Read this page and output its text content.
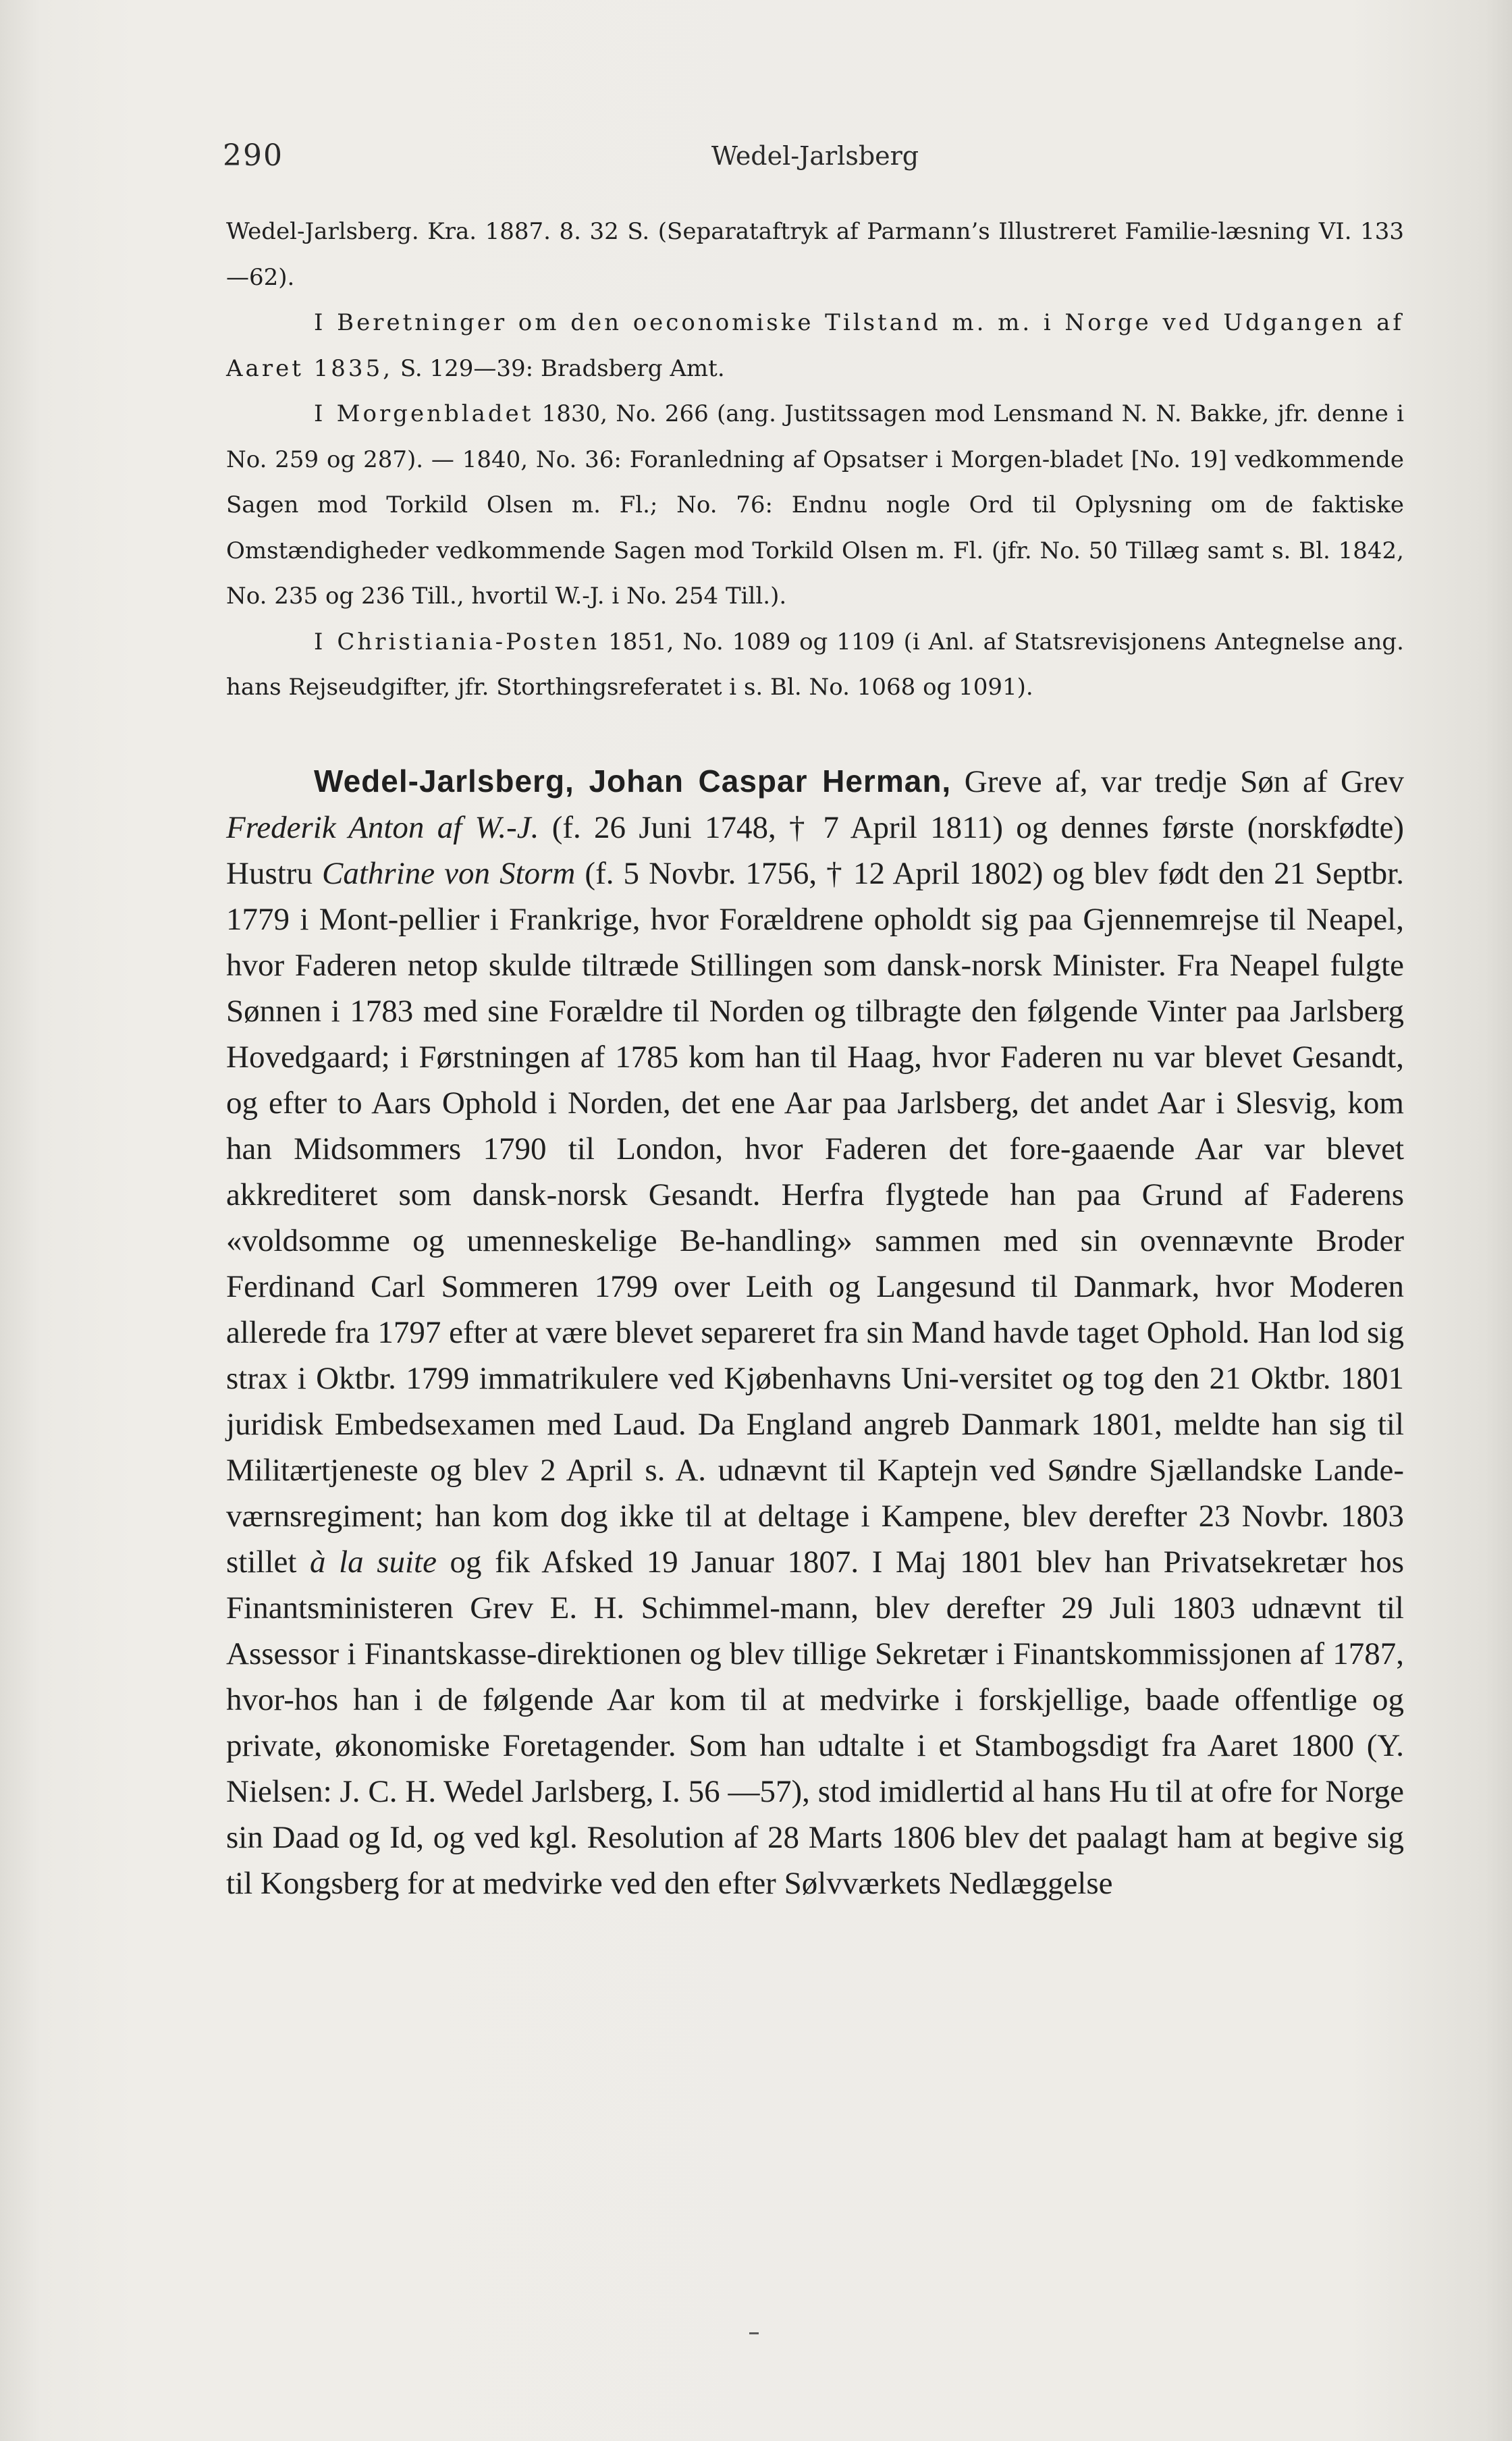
290	Wedel-Jarlsberg

Wedel-Jarlsberg. Kra. 1887. 8. 32 S. (Separataftryk af Parmann’s Illustreret Familie-læsning VI. 133—62).

I Beretninger om den oeconomiske Tilstand m. m. i Norge ved Udgangen af Aaret 1835, S. 129—39: Bradsberg Amt.

I Morgenbladet 1830, No. 266 (ang. Justitssagen mod Lensmand N. N. Bakke, jfr. denne i No. 259 og 287). — 1840, No. 36: Foranledning af Opsatser i Morgen-bladet [No. 19] vedkommende Sagen mod Torkild Olsen m. Fl.; No. 76: Endnu nogle Ord til Oplysning om de faktiske Omstændigheder vedkommende Sagen mod Torkild Olsen m. Fl. (jfr. No. 50 Tillæg samt s. Bl. 1842, No. 235 og 236 Till., hvortil W.-J. i No. 254 Till.).

I Christiania-Posten 1851, No. 1089 og 1109 (i Anl. af Statsrevisjonens Antegnelse ang. hans Rejseudgifter, jfr. Storthingsreferatet i s. Bl. No. 1068 og 1091).

Wedel-Jarlsberg, Johan Caspar Herman, Greve af, var tredje Søn af Grev Frederik Anton af W.-J. (f. 26 Juni 1748, † 7 April 1811) og dennes første (norskfødte) Hustru Cathrine von Storm (f. 5 Novbr. 1756, † 12 April 1802) og blev født den 21 Septbr. 1779 i Mont-pellier i Frankrige, hvor Forældrene opholdt sig paa Gjennemrejse til Neapel, hvor Faderen netop skulde tiltræde Stillingen som dansk-norsk Minister. Fra Neapel fulgte Sønnen i 1783 med sine Forældre til Norden og tilbragte den følgende Vinter paa Jarlsberg Hovedgaard; i Førstningen af 1785 kom han til Haag, hvor Faderen nu var blevet Gesandt, og efter to Aars Ophold i Norden, det ene Aar paa Jarlsberg, det andet Aar i Slesvig, kom han Midsommers 1790 til London, hvor Faderen det fore-gaaende Aar var blevet akkrediteret som dansk-norsk Gesandt. Herfra flygtede han paa Grund af Faderens «voldsomme og umenneskelige Be-handling» sammen med sin ovennævnte Broder Ferdinand Carl Sommeren 1799 over Leith og Langesund til Danmark, hvor Moderen allerede fra 1797 efter at være blevet separeret fra sin Mand havde taget Ophold. Han lod sig strax i Oktbr. 1799 immatrikulere ved Kjøbenhavns Uni-versitet og tog den 21 Oktbr. 1801 juridisk Embedsexamen med Laud. Da England angreb Danmark 1801, meldte han sig til Militærtjeneste og blev 2 April s. A. udnævnt til Kaptejn ved Søndre Sjællandske Lande-værnsregiment; han kom dog ikke til at deltage i Kampene, blev derefter 23 Novbr. 1803 stillet à la suite og fik Afsked 19 Januar 1807. I Maj 1801 blev han Privatsekretær hos Finantsministeren Grev E. H. Schimmel-mann, blev derefter 29 Juli 1803 udnævnt til Assessor i Finantskasse-direktionen og blev tillige Sekretær i Finantskommissjonen af 1787, hvor-hos han i de følgende Aar kom til at medvirke i forskjellige, baade offentlige og private, økonomiske Foretagender. Som han udtalte i et Stambogsdigt fra Aaret 1800 (Y. Nielsen: J. C. H. Wedel Jarlsberg, I. 56 —57), stod imidlertid al hans Hu til at ofre for Norge sin Daad og Id, og ved kgl. Resolution af 28 Marts 1806 blev det paalagt ham at begive sig til Kongsberg for at medvirke ved den efter Sølvværkets Nedlæggelse
